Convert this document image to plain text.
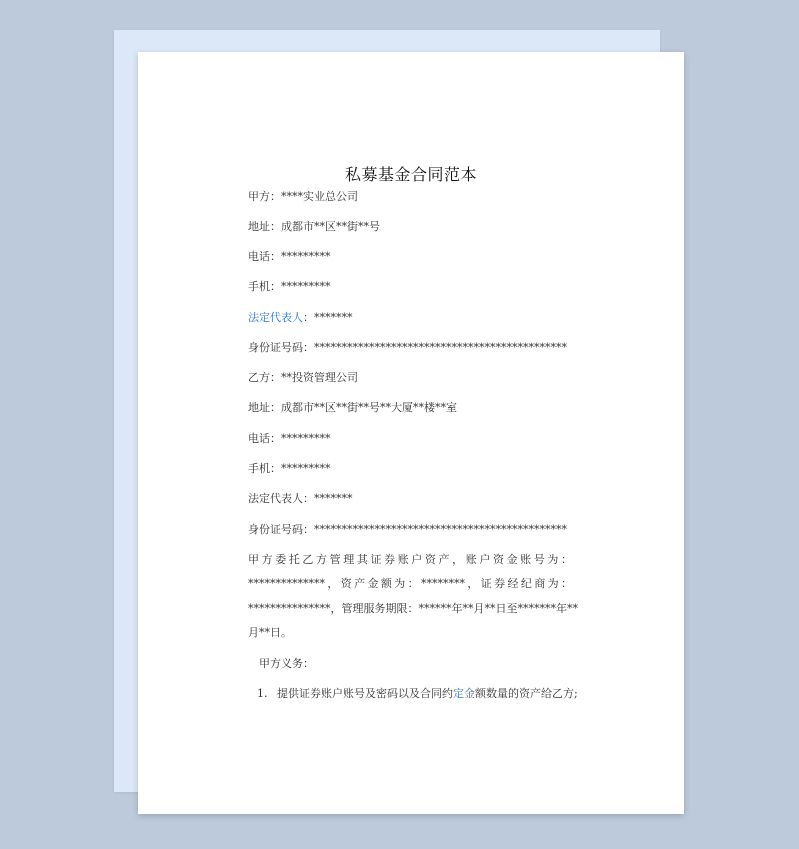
私募基金合同范本
甲方：****实业总公司
地址：成都市**区**街**号
电话：*********
手机：*********
法定代表人：*******
身份证号码：**********************************************
乙方：**投资管理公司
地址：成都市**区**街**号**大厦**楼**室
电话：*********
手机：*********
法定代表人：*******
身份证号码：**********************************************
甲方委托乙方管理其证券账户资产，账户资金账号为：
**************，资产金额为：********，证券经纪商为：
***************，管理服务期限：******年**月**日至*******年**
月**日。
甲方义务：
1. 提供证券账户账号及密码以及合同约定金额数量的资产给乙方;
